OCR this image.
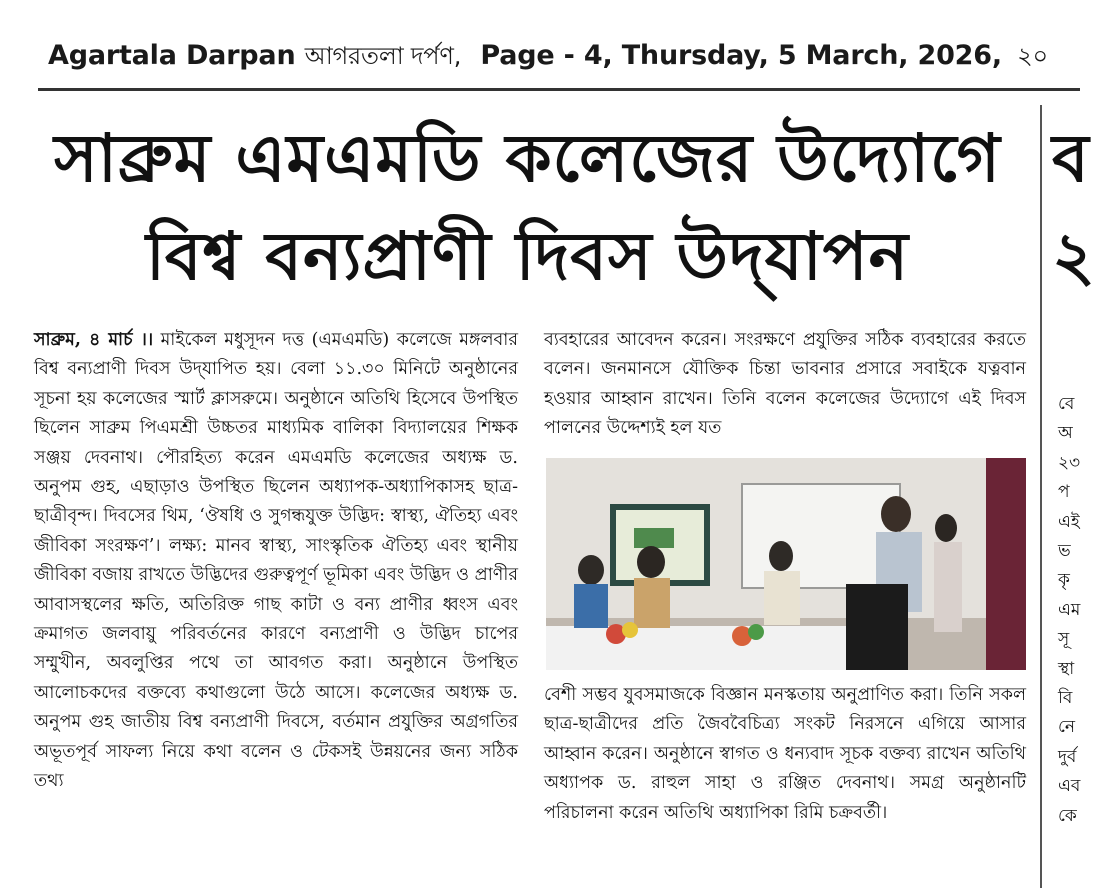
Agartala Darpan আগরতলা দর্পণ, Page - 4, Thursday, 5 March, 2026, ২০
সাব্রুম এমএমডি কলেজের উদ্যোগে
বিশ্ব বন্যপ্রাণী দিবস উদ্‌যাপন
ব
২
সাব্রুম, ৪ মার্চ ।। মাইকেল মধুসূদন দত্ত (এমএমডি) কলেজে মঙ্গলবার বিশ্ব বন্যপ্রাণী দিবস উদ্‌যাপিত হয়। বেলা ১১.৩০ মিনিটে অনুষ্ঠানের সূচনা হয় কলেজের স্মার্ট ক্লাসরুমে। অনুষ্ঠানে অতিথি হিসেবে উপস্থিত ছিলেন সাব্রুম পিএমশ্রী উচ্চতর মাধ্যমিক বালিকা বিদ্যালয়ের শিক্ষক সঞ্জয় দেবনাথ। পৌরহিত্য করেন এমএমডি কলেজের অধ্যক্ষ ড. অনুপম গুহ, এছাড়াও উপস্থিত ছিলেন অধ্যাপক-অধ্যাপিকাসহ ছাত্র-ছাত্রীবৃন্দ। দিবসের থিম, ‘ঔষধি ও সুগন্ধযুক্ত উদ্ভিদ: স্বাস্থ্য, ঐতিহ্য এবং জীবিকা সংরক্ষণ’। লক্ষ্য: মানব স্বাস্থ্য, সাংস্কৃতিক ঐতিহ্য এবং স্থানীয় জীবিকা বজায় রাখতে উদ্ভিদের গুরুত্বপূর্ণ ভূমিকা এবং উদ্ভিদ ও প্রাণীর আবাসস্থলের ক্ষতি, অতিরিক্ত গাছ কাটা ও বন্য প্রাণীর ধ্বংস এবং ক্রমাগত জলবায়ু পরিবর্তনের কারণে বন্যপ্রাণী ও উদ্ভিদ চাপের সম্মুখীন, অবলুপ্তির পথে তা আবগত করা। অনুষ্ঠানে উপস্থিত আলোচকদের বক্তব্যে কথাগুলো উঠে আসে। কলেজের অধ্যক্ষ ড. অনুপম গুহ জাতীয় বিশ্ব বন্যপ্রাণী দিবসে, বর্তমান প্রযুক্তির অগ্রগতির অভূতপূর্ব সাফল্য নিয়ে কথা বলেন ও টেকসই উন্নয়নের জন্য সঠিক তথ্য
ব্যবহারের আবেদন করেন। সংরক্ষণে প্রযুক্তির সঠিক ব্যবহারের করতে বলেন। জনমানসে যৌক্তিক চিন্তা ভাবনার প্রসারে সবাইকে যত্নবান হওয়ার আহ্বান রাখেন। তিনি বলেন কলেজের উদ্যোগে এই দিবস পালনের উদ্দেশ্যই হল যত
বেশী সম্ভব যুবসমাজকে বিজ্ঞান মনস্কতায় অনুপ্রাণিত করা। তিনি সকল ছাত্র-ছাত্রীদের প্রতি জৈববৈচিত্র্য সংকট নিরসনে এগিয়ে আসার আহ্বান করেন। অনুষ্ঠানে স্বাগত ও ধন্যবাদ সূচক বক্তব্য রাখেন অতিথি অধ্যাপক ড. রাহুল সাহা ও রঞ্জিত দেবনাথ। সমগ্র অনুষ্ঠানটি পরিচালনা করেন অতিথি অধ্যাপিকা রিমি চক্রবর্তী।
বে
অ
২৩
প
এই
ভ
কৃ
এম
সূ
স্থা
বি
নে
দুর্ব
এব
কে
